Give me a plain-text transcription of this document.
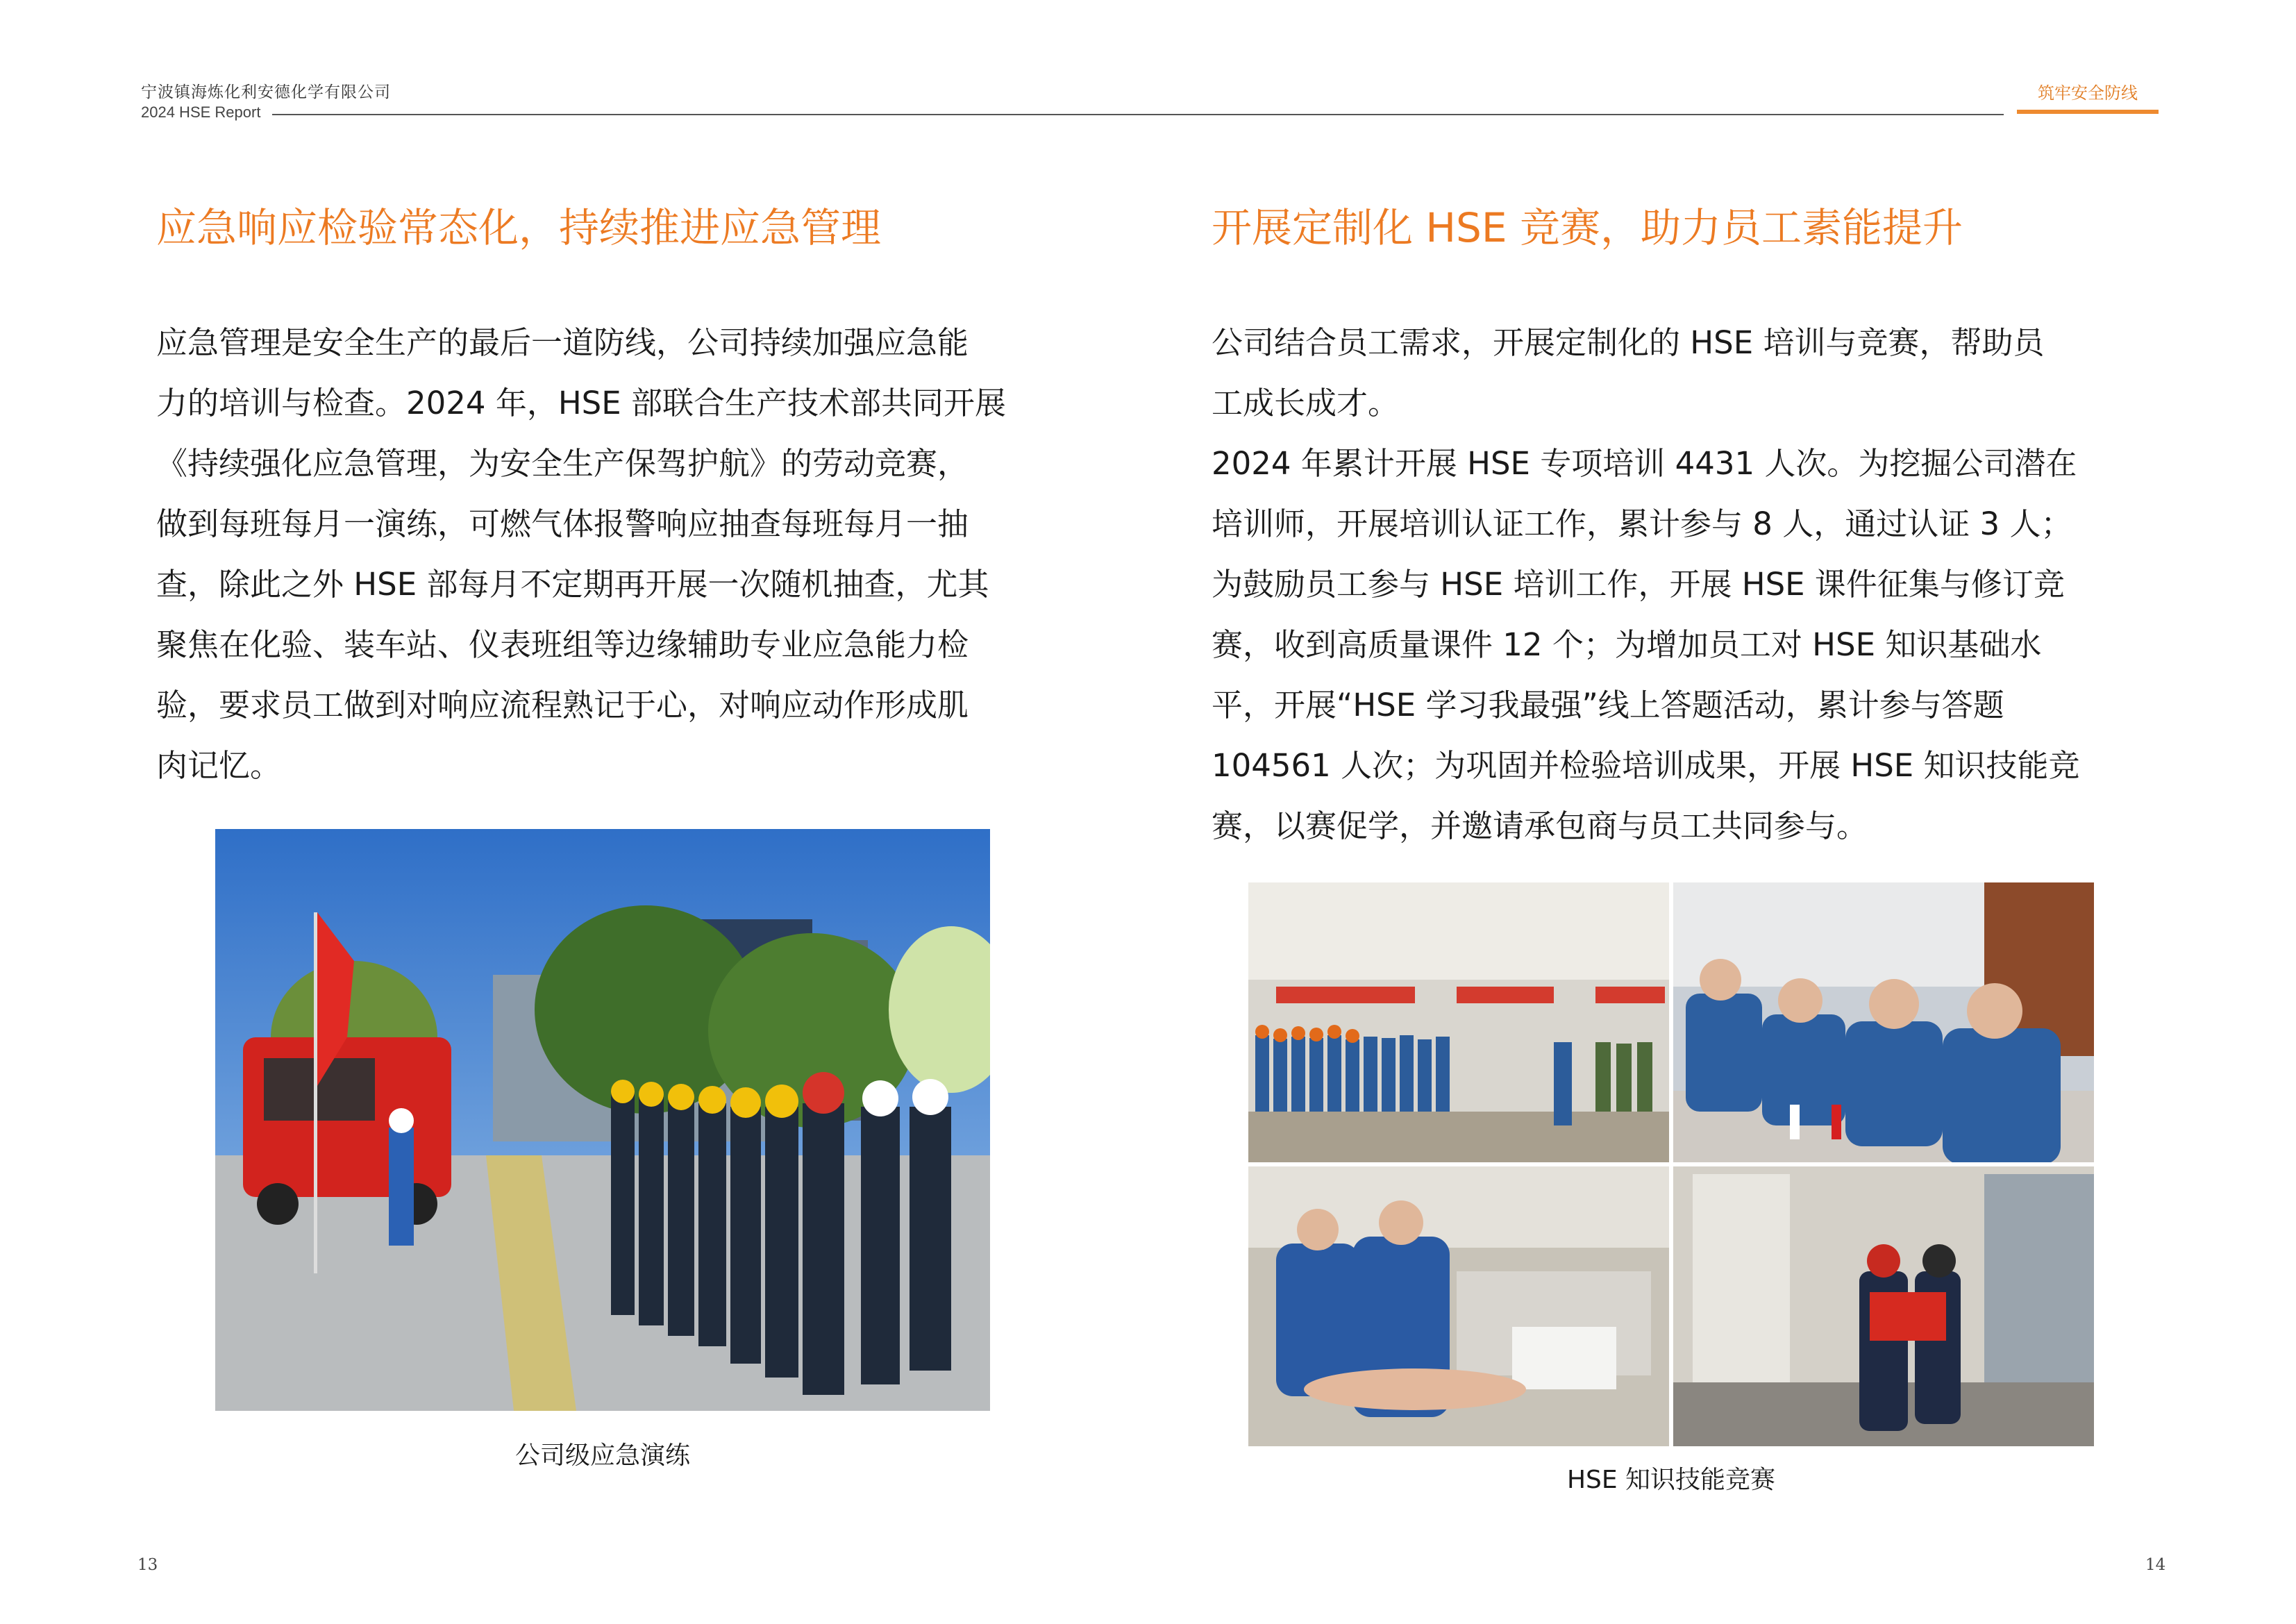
宁波镇海炼化利安德化学有限公司
2024 HSE Report
筑牢安全防线
应急响应检验常态化，持续推进应急管理

应急管理是安全生产的最后一道防线，公司持续加强应急能

力的培训与检查。2024 年，HSE 部联合生产技术部共同开展

《持续强化应急管理，为安全生产保驾护航》的劳动竞赛，

做到每班每月一演练，可燃气体报警响应抽查每班每月一抽

查，除此之外 HSE 部每月不定期再开展一次随机抽查，尤其

聚焦在化验、装车站、仪表班组等边缘辅助专业应急能力检

验，要求员工做到对响应流程熟记于心，对响应动作形成肌

肉记忆。

公司级应急演练
开展定制化 HSE 竞赛，助力员工素能提升

公司结合员工需求，开展定制化的 HSE 培训与竞赛，帮助员

工成长成才。

2024 年累计开展 HSE 专项培训 4431 人次。为挖掘公司潜在

培训师，开展培训认证工作，累计参与 8 人，通过认证 3 人；

为鼓励员工参与 HSE 培训工作，开展 HSE 课件征集与修订竞

赛，收到高质量课件 12 个；为增加员工对 HSE 知识基础水

平，开展“HSE 学习我最强”线上答题活动，累计参与答题

104561 人次；为巩固并检验培训成果，开展 HSE 知识技能竞

赛，以赛促学，并邀请承包商与员工共同参与。

HSE 知识技能竞赛
13	14
